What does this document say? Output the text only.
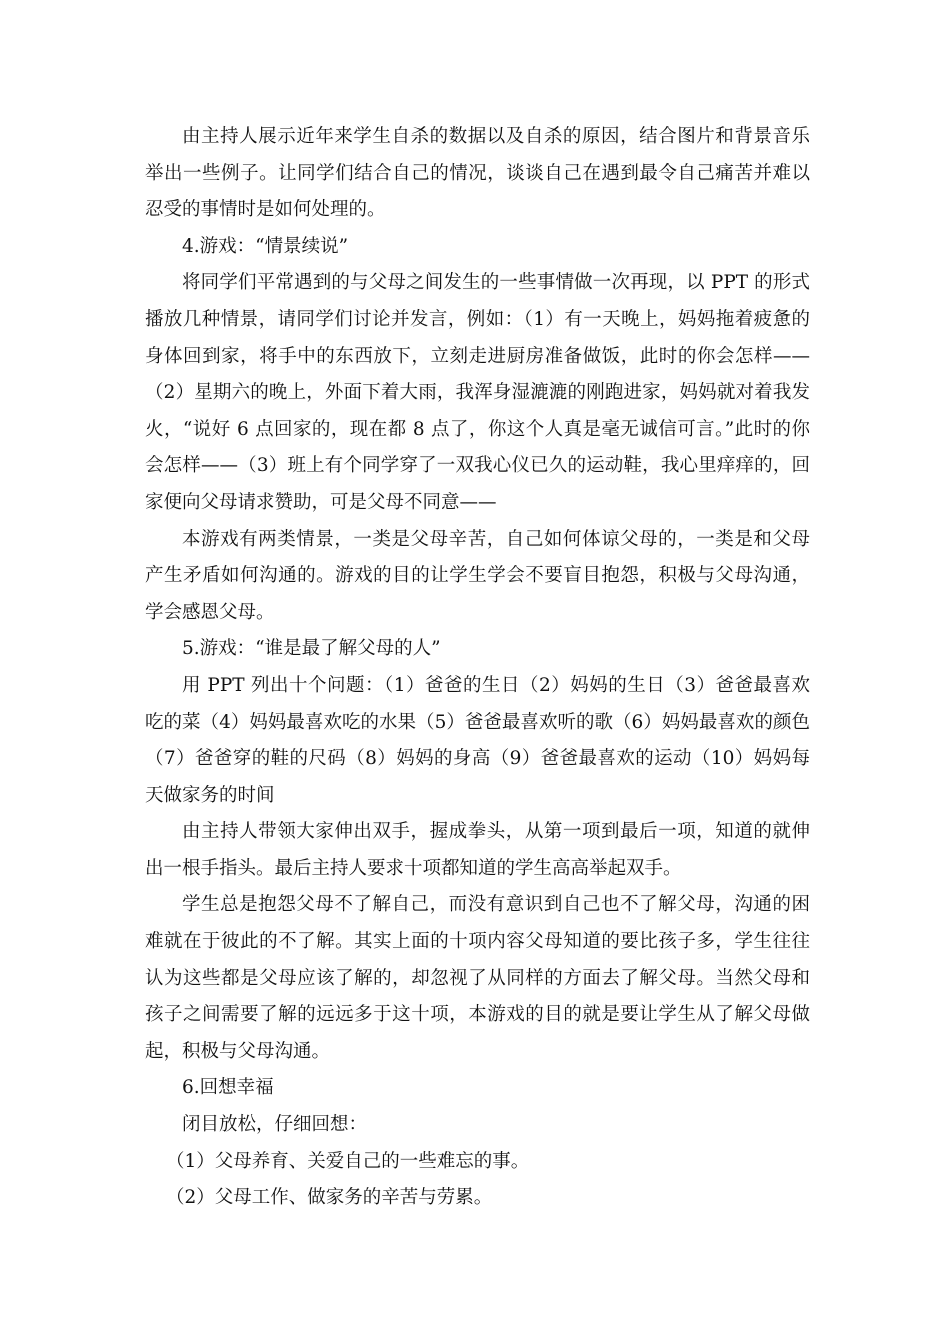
由主持人展示近年来学生自杀的数据以及自杀的原因，结合图片和背景音乐举出一些例子。让同学们结合自己的情况，谈谈自己在遇到最令自己痛苦并难以忍受的事情时是如何处理的。

4.游戏：“情景续说”

将同学们平常遇到的与父母之间发生的一些事情做一次再现，以 PPT 的形式播放几种情景，请同学们讨论并发言，例如：（1）有一天晚上，妈妈拖着疲惫的身体回到家，将手中的东西放下，立刻走进厨房准备做饭，此时的你会怎样——（2）星期六的晚上，外面下着大雨，我浑身湿漉漉的刚跑进家，妈妈就对着我发火，“说好 6 点回家的，现在都 8 点了，你这个人真是毫无诚信可言。”此时的你会怎样——（3）班上有个同学穿了一双我心仪已久的运动鞋，我心里痒痒的，回家便向父母请求赞助，可是父母不同意——

本游戏有两类情景，一类是父母辛苦，自己如何体谅父母的，一类是和父母产生矛盾如何沟通的。游戏的目的让学生学会不要盲目抱怨，积极与父母沟通，学会感恩父母。

5.游戏：“谁是最了解父母的人”

用 PPT 列出十个问题：（1）爸爸的生日（2）妈妈的生日（3）爸爸最喜欢吃的菜（4）妈妈最喜欢吃的水果（5）爸爸最喜欢听的歌（6）妈妈最喜欢的颜色（7）爸爸穿的鞋的尺码（8）妈妈的身高（9）爸爸最喜欢的运动（10）妈妈每天做家务的时间

由主持人带领大家伸出双手，握成拳头，从第一项到最后一项，知道的就伸出一根手指头。最后主持人要求十项都知道的学生高高举起双手。

学生总是抱怨父母不了解自己，而没有意识到自己也不了解父母，沟通的困难就在于彼此的不了解。其实上面的十项内容父母知道的要比孩子多，学生往往认为这些都是父母应该了解的，却忽视了从同样的方面去了解父母。当然父母和孩子之间需要了解的远远多于这十项，本游戏的目的就是要让学生从了解父母做起，积极与父母沟通。

6.回想幸福

闭目放松，仔细回想：

（1）父母养育、关爱自己的一些难忘的事。

（2）父母工作、做家务的辛苦与劳累。
